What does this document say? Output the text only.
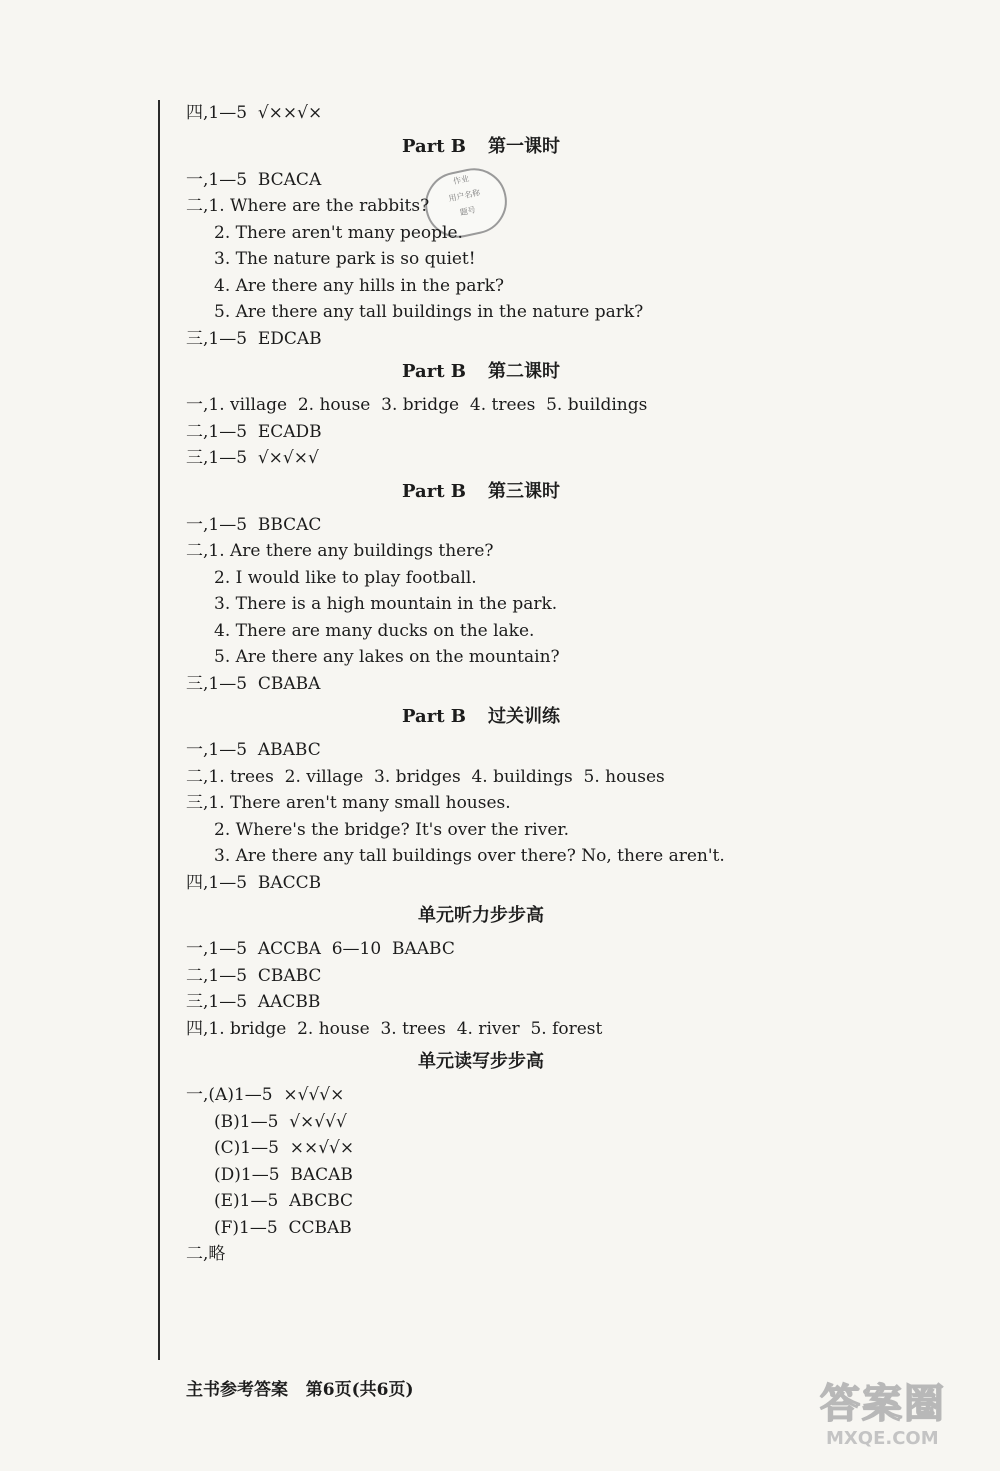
作业
用户名称
题号
四,1—5  √××√×
Part B 第一课时
一,1—5  BCACA
二,1. Where are the rabbits?
2. There aren't many people.
3. The nature park is so quiet!
4. Are there any hills in the park?
5. Are there any tall buildings in the nature park?
三,1—5  EDCAB
Part B 第二课时
一,1. village  2. house  3. bridge  4. trees  5. buildings
二,1—5  ECADB
三,1—5  √×√×√
Part B 第三课时
一,1—5  BBCAC
二,1. Are there any buildings there?
2. I would like to play football.
3. There is a high mountain in the park.
4. There are many ducks on the lake.
5. Are there any lakes on the mountain?
三,1—5  CBABA
Part B 过关训练
一,1—5  ABABC
二,1. trees  2. village  3. bridges  4. buildings  5. houses
三,1. There aren't many small houses.
2. Where's the bridge? It's over the river.
3. Are there any tall buildings over there? No, there aren't.
四,1—5  BACCB
单元听力步步高
一,1—5  ACCBA  6—10  BAABC
二,1—5  CBABC
三,1—5  AACBB
四,1. bridge  2. house  3. trees  4. river  5. forest
单元读写步步高
一,(A)1—5  ×√√√×
(B)1—5  √×√√√
(C)1—5  ××√√×
(D)1—5  BACAB
(E)1—5  ABCBC
(F)1—5  CCBAB
二,略
主书参考答案   第6页(共6页)	答案圈
MXQE.COM
